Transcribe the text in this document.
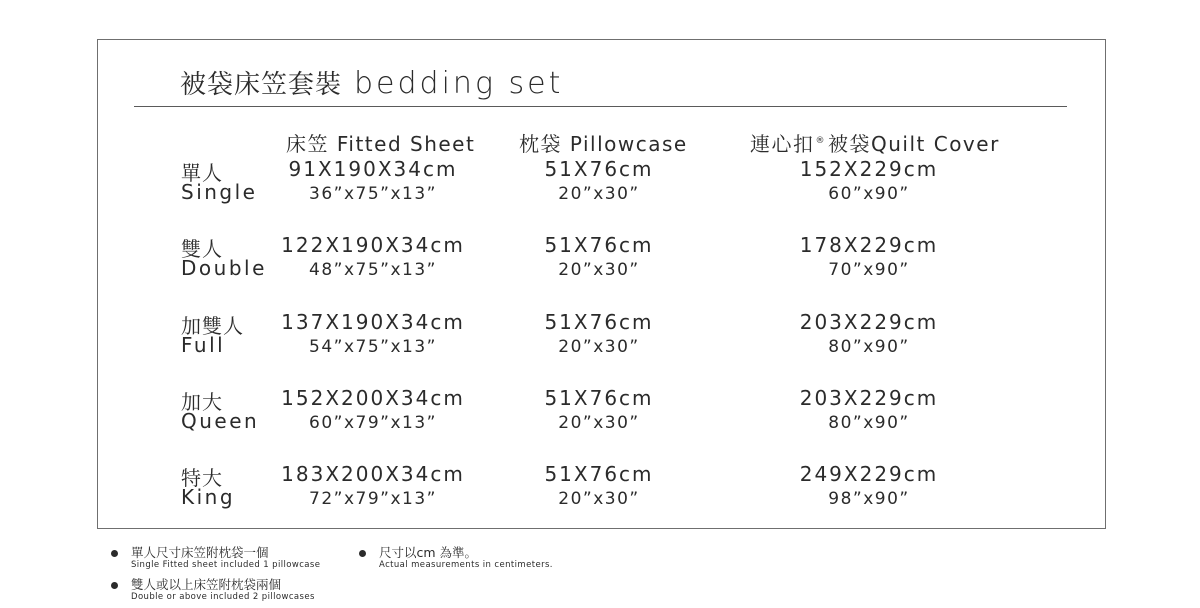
被袋床笠套裝 bedding set
床笠 Fitted Sheet 枕袋 Pillowcase	連心扣® 被袋Quilt Cover
單人
Single
91X190X34cm
36”x75”x13”
51X76cm
20”x30”
152X229cm
60”x90”
雙人
Double
122X190X34cm
48”x75”x13”
51X76cm
20”x30”
178X229cm
70”x90”
加雙人
Full
137X190X34cm
54”x75”x13”
51X76cm
20”x30”
203X229cm
80”x90”
加大
Queen
152X200X34cm
60”x79”x13”
51X76cm
20”x30”
203X229cm
80”x90”
特大
King
183X200X34cm
72”x79”x13”
51X76cm
20”x30”
249X229cm
98”x90”
單人尺寸床笠附枕袋一個
Single Fitted sheet included 1 pillowcase
雙人或以上床笠附枕袋兩個
Double or above included 2 pillowcases
尺寸以cm 為準。
Actual measurements in centimeters.
